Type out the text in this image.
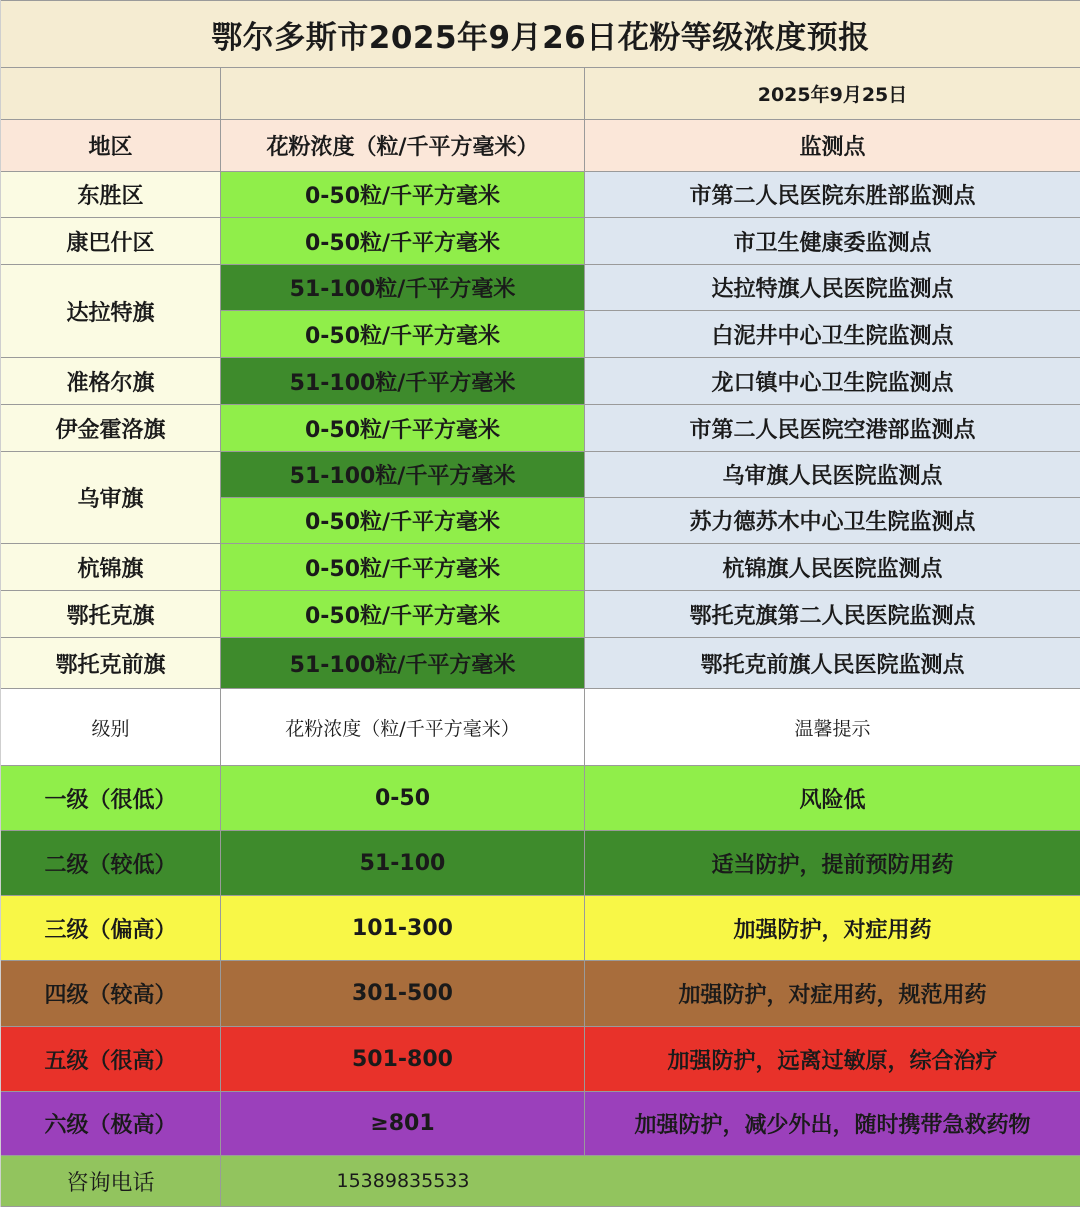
鄂尔多斯市2025年9月26日花粉等级浓度预报
2025年9月25日
地区	花粉浓度（粒/千平方毫米）	监测点
东胜区	0-50粒/千平方毫米	市第二人民医院东胜部监测点
康巴什区	0-50粒/千平方毫米	市卫生健康委监测点
达拉特旗
51-100粒/千平方毫米	达拉特旗人民医院监测点
0-50粒/千平方毫米	白泥井中心卫生院监测点
准格尔旗	51-100粒/千平方毫米	龙口镇中心卫生院监测点
伊金霍洛旗	0-50粒/千平方毫米	市第二人民医院空港部监测点
乌审旗
51-100粒/千平方毫米	乌审旗人民医院监测点
0-50粒/千平方毫米	苏力德苏木中心卫生院监测点
杭锦旗	0-50粒/千平方毫米	杭锦旗人民医院监测点
鄂托克旗	0-50粒/千平方毫米	鄂托克旗第二人民医院监测点
鄂托克前旗	51-100粒/千平方毫米	鄂托克前旗人民医院监测点
级别	花粉浓度（粒/千平方毫米）	温馨提示
一级（很低）	0-50	风险低
二级（较低）	51-100	适当防护，提前预防用药
三级（偏高）	101-300	加强防护，对症用药
四级（较高）	301-500	加强防护，对症用药，规范用药
五级（很高）	501-800	加强防护，远离过敏原，综合治疗
六级（极高）	≥801	加强防护，减少外出，随时携带急救药物
咨询电话	15389835533
